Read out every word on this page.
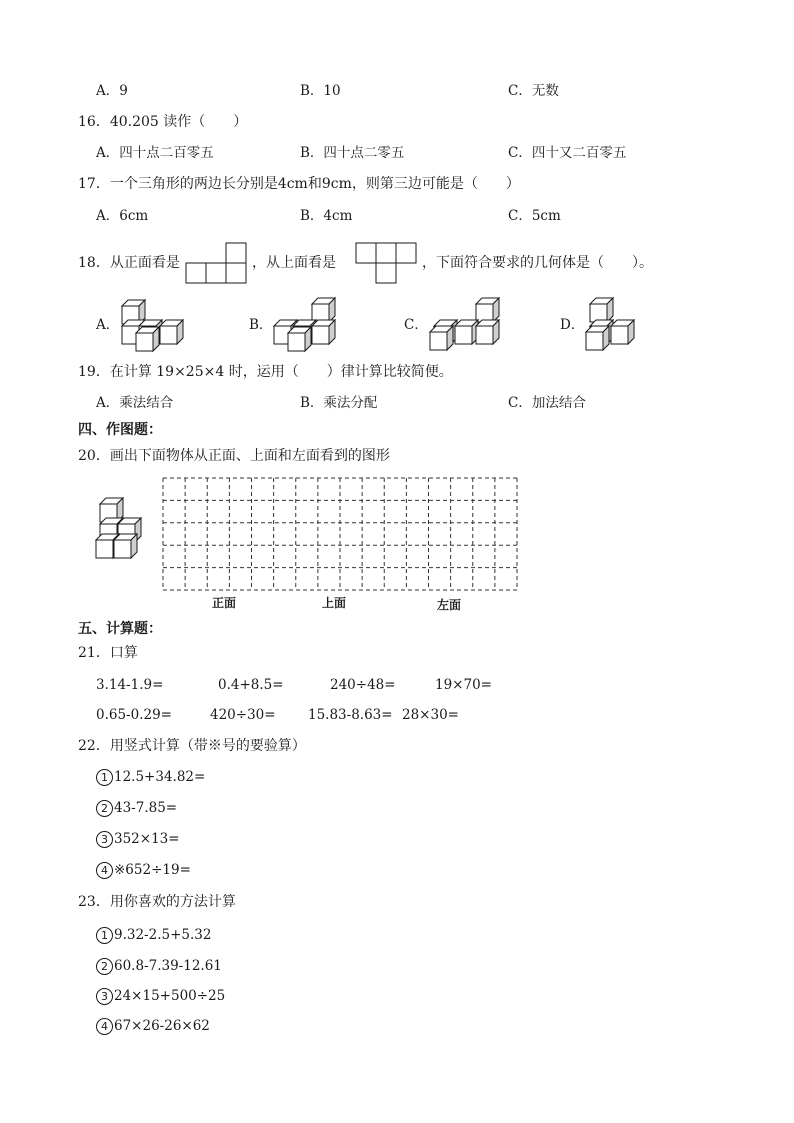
A．9	B．10	C．无数
16．40.205 读作（　　）
A．四十点二百零五	B．四十点二零五	C．四十又二百零五
17．一个三角形的两边长分别是4cm和9cm，则第三边可能是（　　）
A．6cm	B．4cm	C．5cm
18．从正面看是	，从上面看是	，下面符合要求的几何体是（　　）。
A．	B．	C．	D．
19．在计算 19×25×4 时，运用（　　）律计算比较简便。
A．乘法结合	B．乘法分配	C．加法结合
四、作图题：
20．画出下面物体从正面、上面和左面看到的图形
正面	上面	左面
五、计算题：
21．口算
3.14-1.9=	0.4+8.5=	240÷48=	19×70=
0.65-0.29=	420÷30= 15.83-8.63= 28×30=
22．用竖式计算（带※号的要验算）
1 12.5+34.82=
2 43-7.85=
3 352×13=
4 ※652÷19=
23．用你喜欢的方法计算
1 9.32-2.5+5.32
2 60.8-7.39-12.61
3 24×15+500÷25
4 67×26-26×62
